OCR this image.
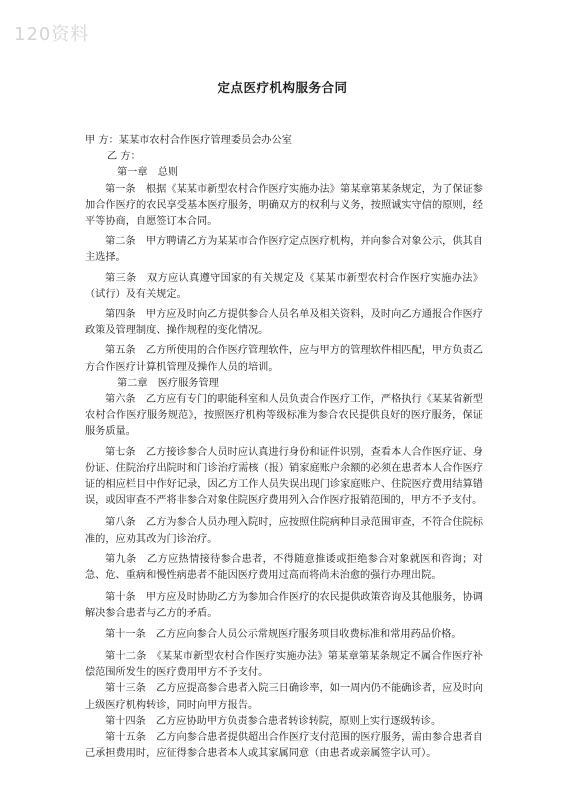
120资料
定点医疗机构服务合同

甲 方：某某市农村合作医疗管理委员会办公室

乙 方：

第一章　总则

第一条　根据《某某市新型农村合作医疗实施办法》第某章第某条规定，为了保证参加合作医疗的农民享受基本医疗服务，明确双方的权利与义务，按照诚实守信的原则，经平等协商，自愿签订本合同。

第二条　甲方聘请乙方为某某市合作医疗定点医疗机构，并向参合对象公示，供其自主选择。

第三条　双方应认真遵守国家的有关规定及《某某市新型农村合作医疗实施办法》（试行）及有关规定。

第四条　甲方应及时向乙方提供参合人员名单及相关资料，及时向乙方通报合作医疗政策及管理制度、操作规程的变化情况。

第五条　乙方所使用的合作医疗管理软件，应与甲方的管理软件相匹配，甲方负责乙方合作医疗计算机管理及操作人员的培训。

第二章　医疗服务管理

第六条　乙方应有专门的职能科室和人员负责合作医疗工作，严格执行《某某省新型农村合作医疗服务规范》，按照医疗机构等级标准为参合农民提供良好的医疗服务，保证服务质量。

第七条　乙方接诊参合人员时应认真进行身份和证件识别，查看本人合作医疗证、身份证、住院治疗出院时和门诊治疗需核（报）销家庭账户余额的必须在患者本人合作医疗证的相应栏目中作好记录，因乙方工作人员失误出现门诊家庭账户、住院医疗费用结算错误，或因审查不严将非参合对象住院医疗费用列入合作医疗报销范围的，甲方不予支付。

第八条　乙方为参合人员办理入院时，应按照住院病种目录范围审查，不符合住院标准的，应劝其改为门诊治疗。

第九条　乙方应热情接待参合患者，不得随意推诿或拒绝参合对象就医和咨询；对急、危、重病和慢性病患者不能因医疗费用过高而将尚未治愈的强行办理出院。

第十条　甲方应及时协助乙方为参加合作医疗的农民提供政策咨询及其他服务，协调解决参合患者与乙方的矛盾。

第十一条　乙方应向参合人员公示常规医疗服务项目收费标准和常用药品价格。

第十二条　《某某市新型农村合作医疗实施办法》第某章第某条规定不属合作医疗补偿范围所发生的医疗费用甲方不予支付。

第十三条　乙方应提高参合患者入院三日确诊率，如一周内仍不能确诊者，应及时向上级医疗机构转诊，同时向甲方报告。

第十四条　乙方应协助甲方负责参合患者转诊转院，原则上实行逐级转诊。

第十五条　乙方向参合患者提供超出合作医疗支付范围的医疗服务，需由参合患者自己承担费用时，应征得参合患者本人或其家属同意（由患者或亲属签字认可）。
